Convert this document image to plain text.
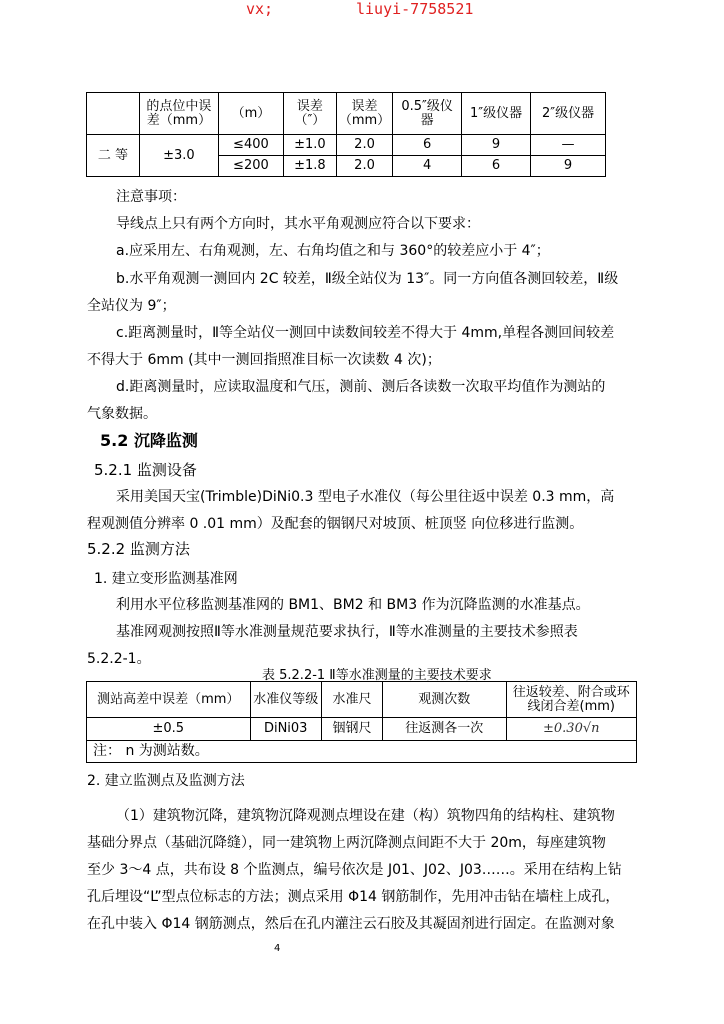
vx;	liuyi-7758521
	的点位中误差（mm）	（m）	误差（″）	误差（mm）	0.5″级仪器	1″级仪器	2″级仪器
二 等	±3.0	≤400	±1.0	2.0	6	9	—
		≤200	±1.8	2.0	4	6	9
注意事项：
导线点上只有两个方向时，其水平角观测应符合以下要求：
a.应采用左、右角观测，左、右角均值之和与 360°的较差应小于 4″；
b.水平角观测一测回内 2C 较差，Ⅱ级全站仪为 13″。同一方向值各测回较差，Ⅱ级
全站仪为 9″；
c.距离测量时，Ⅱ等全站仪一测回中读数间较差不得大于 4mm,单程各测回间较差
不得大于 6mm (其中一测回指照准目标一次读数 4 次)；
d.距离测量时，应读取温度和气压，测前、测后各读数一次取平均值作为测站的
气象数据。
5.2 沉降监测
5.2.1 监测设备
采用美国天宝(Trimble)DiNi0.3 型电子水准仪（每公里往返中误差 0.3 mm，高
程观测值分辨率 0 .01 mm）及配套的铟钢尺对坡顶、桩顶竖 向位移进行监测。
5.2.2 监测方法
1. 建立变形监测基准网
利用水平位移监测基准网的 BM1、BM2 和 BM3 作为沉降监测的水准基点。
基准网观测按照Ⅱ等水准测量规范要求执行，Ⅱ等水准测量的主要技术参照表
5.2.2-1。
表 5.2.2-1 Ⅱ等水准测量的主要技术要求
测站高差中误差（mm）	水准仪等级	水准尺	观测次数	往返较差、附合或环线闭合差(mm)
±0.5	DiNi03	铟钢尺	往返测各一次	±0.30√n
注： n 为测站数。				
2. 建立监测点及监测方法
（1）建筑物沉降，建筑物沉降观测点埋设在建（构）筑物四角的结构柱、建筑物
基础分界点（基础沉降缝），同一建筑物上两沉降测点间距不大于 20m，每座建筑物
至少 3～4 点，共布设 8 个监测点，编号依次是 J01、J02、J03……。采用在结构上钻
孔后埋设“L”型点位标志的方法；测点采用 Φ14 钢筋制作，先用冲击钻在墙柱上成孔，
在孔中装入 Φ14 钢筋测点，然后在孔内灌注云石胶及其凝固剂进行固定。在监测对象
4
